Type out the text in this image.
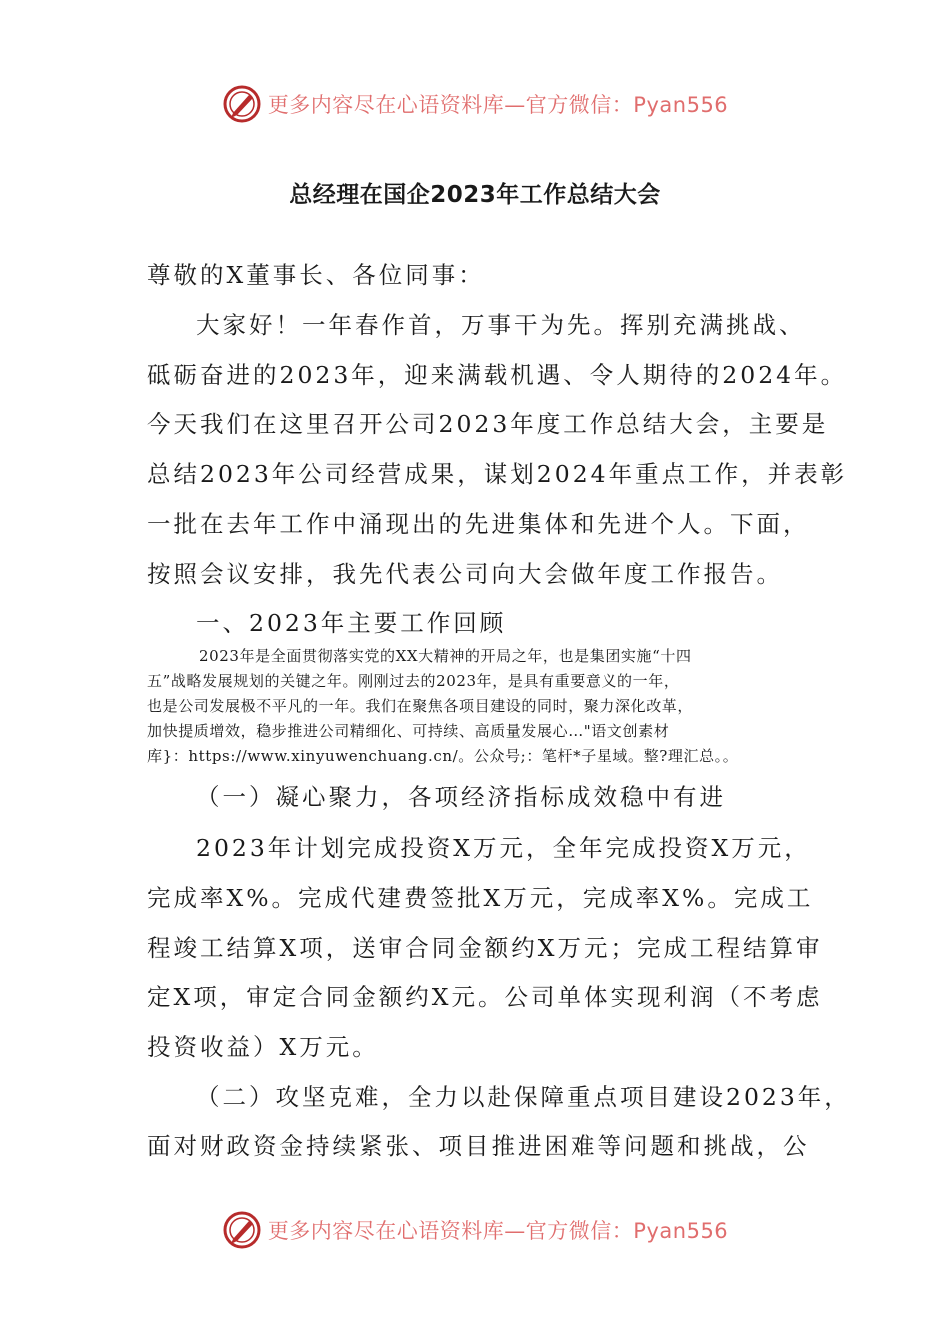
更多内容尽在心语资料库—官方微信：Pyan556
总经理在国企2023年工作总结大会

尊敬的X董事长、各位同事：

大家好！一年春作首，万事干为先。挥别充满挑战、

砥砺奋进的2023年，迎来满载机遇、令人期待的2024年。

今天我们在这里召开公司2023年度工作总结大会，主要是

总结2023年公司经营成果，谋划2024年重点工作，并表彰

一批在去年工作中涌现出的先进集体和先进个人。下面，

按照会议安排，我先代表公司向大会做年度工作报告。

一、2023年主要工作回顾

2023年是全面贯彻落实党的XX大精神的开局之年，也是集团实施“十四
五”战略发展规划的关键之年。刚刚过去的2023年，是具有重要意义的一年，
也是公司发展极不平凡的一年。我们在聚焦各项目建设的同时，聚力深化改革，
加快提质增效，稳步推进公司精细化、可持续、高质量发展心…"语文创素材
库}：https://www.xinyuwenchuang.cn/。公众号;：笔杆*子星域。整?理汇总。。

（一）凝心聚力，各项经济指标成效稳中有进

2023年计划完成投资X万元，全年完成投资X万元，

完成率X%。完成代建费签批X万元，完成率X%。完成工

程竣工结算X项，送审合同金额约X万元；完成工程结算审

定X项，审定合同金额约X元。公司单体实现利润（不考虑

投资收益）X万元。

（二）攻坚克难，全力以赴保障重点项目建设2023年，

面对财政资金持续紧张、项目推进困难等问题和挑战，公

更多内容尽在心语资料库—官方微信：Pyan556
